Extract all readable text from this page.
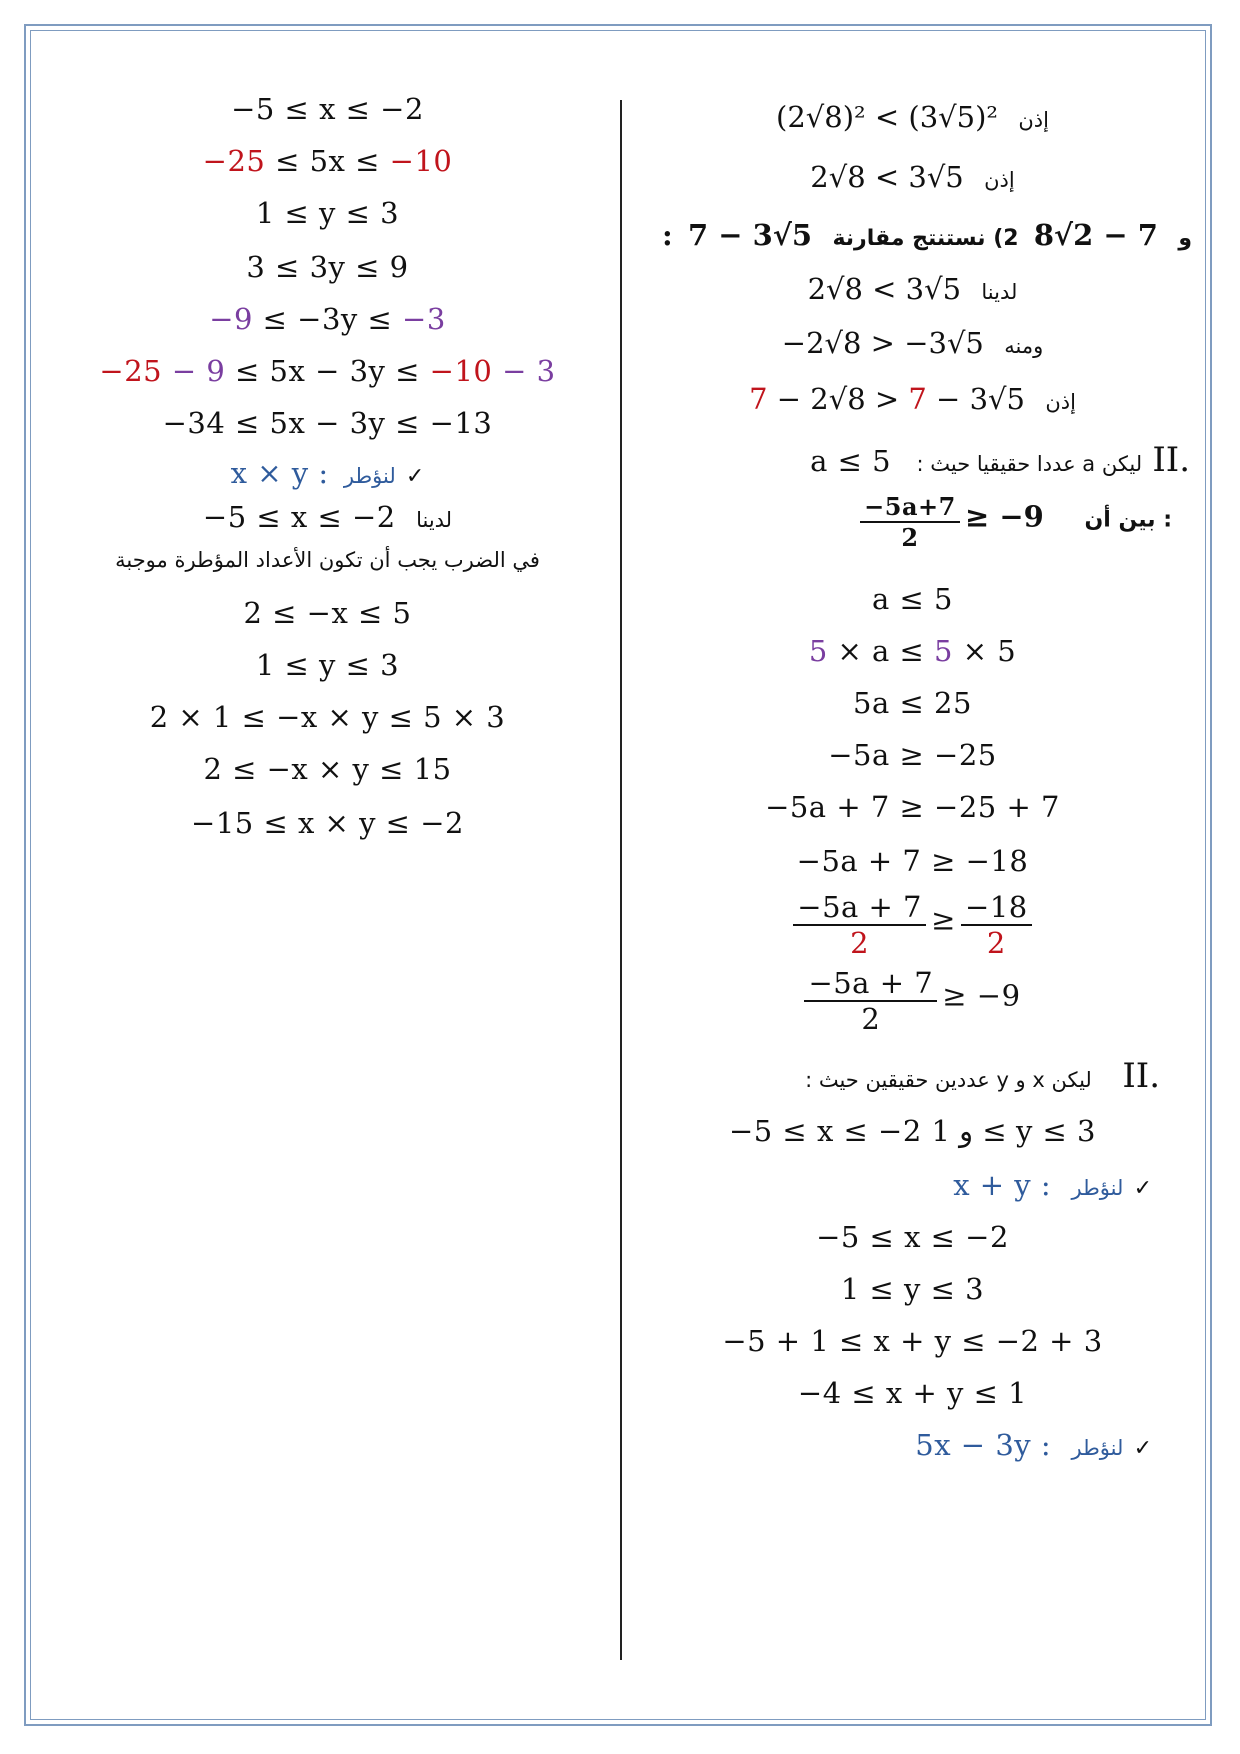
(2√8)² < (3√5)² إذن
2√8 < 3√5 إذن
: 7 − 3√5	و    7 − 2√8   2) نستنتج مقارنة
2√8 < 3√5 لدينا
−2√8 > −3√5 ومنه
7 − 2√8 > 7 − 3√5 إذن
a ≤ 5 ليكن a عددا حقيقيا حيث : II.
$\frac{-5a+7}{2} \ge -9$ بين أن :
a ≤ 5
5 × a ≤ 5 × 5
5a ≤ 25
−5a ≥ −25
−5a + 7 ≥ −25 + 7
−5a + 7 ≥ −18
$\frac{-5a + 7}{2} \ge \frac{-18}{2}$
$\frac{-5a + 7}{2} \ge -9$
ليكن x و y عددين حقيقين حيث : II.
−5 ≤ x ≤ −2 و 1 ≤ y ≤ 3
x + y : لنؤطر ✓
−5 ≤ x ≤ −2
1 ≤ y ≤ 3
−5 + 1 ≤ x + y ≤ −2 + 3
−4 ≤ x + y ≤ 1
5x − 3y : لنؤطر ✓
−5 ≤ x ≤ −2
−25 ≤ 5x ≤ −10
1 ≤ y ≤ 3
3 ≤ 3y ≤ 9
−9 ≤ −3y ≤ −3
−25 − 9 ≤ 5x − 3y ≤ −10 − 3
−34 ≤ 5x − 3y ≤ −13
x × y : لنؤطر ✓
−5 ≤ x ≤ −2 لدينا
في الضرب يجب أن تكون الأعداد المؤطرة موجبة
2 ≤ −x ≤ 5
1 ≤ y ≤ 3
2 × 1 ≤ −x × y ≤ 5 × 3
2 ≤ −x × y ≤ 15
−15 ≤ x × y ≤ −2
